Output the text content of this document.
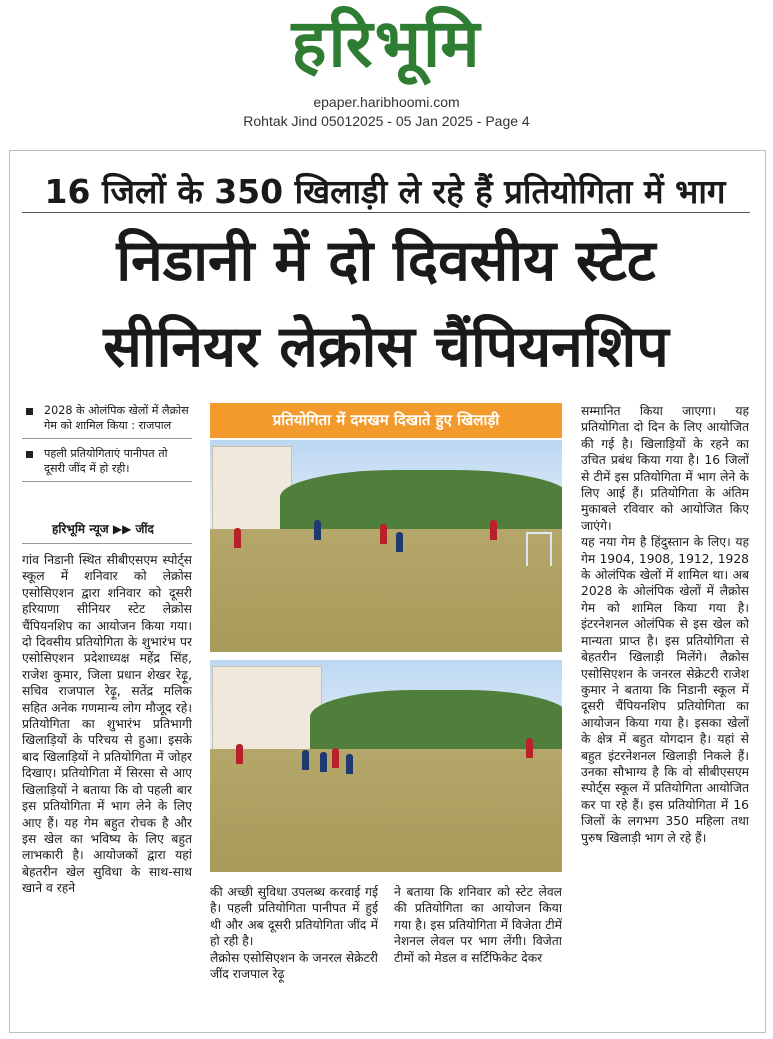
हरिभूमि
epaper.haribhoomi.com
Rohtak Jind 05012025 - 05 Jan 2025 - Page 4
16 जिलों के 350 खिलाड़ी ले रहे हैं प्रतियोगिता में भाग
निडानी में दो दिवसीय स्टेट
सीनियर लेक्रोस चैंपियनशिप
2028 के ओलंपिक खेलों में लैक्रोस गेम को शामिल किया : राजपाल
पहली प्रतियोगिताएं पानीपत तो दूसरी जींद में हो रही।
हरिभूमि न्यूज ▶▶ जींद
गांव निडानी स्थित सीबीएसएम स्पोर्ट्स स्कूल में शनिवार को लेक्रोस एसोसिएशन द्वारा शनिवार को दूसरी हरियाणा सीनियर स्टेट लेक्रोस चैंपियनशिप का आयोजन किया गया। दो दिवसीय प्रतियोगिता के शुभारंभ पर एसोसिएशन प्रदेशाध्यक्ष महेंद्र सिंह, राजेश कुमार, जिला प्रधान शेखर रेढ़ू, सचिव राजपाल रेढ़ू, सतेंद्र मलिक सहित अनेक गणमान्य लोग मौजूद रहे। प्रतियोगिता का शुभारंभ प्रतिभागी खिलाड़ियों के परिचय से हुआ। इसके बाद खिलाड़ियों ने प्रतियोगिता में जोहर दिखाए। प्रतियोगिता में सिरसा से आए खिलाड़ियों ने बताया कि वो पहली बार इस प्रतियोगिता में भाग लेने के लिए आए हैं। यह गेम बहुत रोचक है और इस खेल का भविष्य के लिए बहुत लाभकारी है। आयोजकों द्वारा यहां बेहतरीन खेल सुविधा के साथ-साथ खाने व रहने
प्रतियोगिता में दमखम दिखाते हुए खिलाड़ी
की अच्छी सुविधा उपलब्ध करवाई गई है। पहली प्रतियोगिता पानीपत में हुई थी और अब दूसरी प्रतियोगिता जींद में हो रही है।
लैक्रोस एसोसिएशन के जनरल सेक्रेटरी जींद राजपाल रेढ़ू
ने बताया कि शनिवार को स्टेट लेवल की प्रतियोगिता का आयोजन किया गया है। इस प्रतियोगिता में विजेता टीमें नेशनल लेवल पर भाग लेंगी। विजेता टीमों को मेडल व सर्टिफिकेट देकर
सम्मानित किया जाएगा। यह प्रतियोगिता दो दिन के लिए आयोजित की गई है। खिलाड़ियों के रहने का उचित प्रबंध किया गया है। 16 जिलों से टीमें इस प्रतियोगिता में भाग लेने के लिए आई हैं। प्रतियोगिता के अंतिम मुकाबले रविवार को आयोजित किए जाएंगे।
यह नया गेम है हिंदुस्तान के लिए। यह गेम 1904, 1908, 1912, 1928 के ओलंपिक खेलों में शामिल था। अब 2028 के ओलंपिक खेलों में लैक्रोस गेम को शामिल किया गया है। इंटरनेशनल ओलंपिक से इस खेल को मान्यता प्राप्त है। इस प्रतियोगिता से बेहतरीन खिलाड़ी मिलेंगे। लैक्रोस एसोसिएशन के जनरल सेक्रेटरी राजेश कुमार ने बताया कि निडानी स्कूल में दूसरी चैंपियनशिप प्रतियोगिता का आयोजन किया गया है। इसका खेलों के क्षेत्र में बहुत योगदान है। यहां से बहुत इंटरनेशनल खिलाड़ी निकले हैं। उनका सौभाग्य है कि वो सीबीएसएम स्पोर्ट्स स्कूल में प्रतियोगिता आयोजित कर पा रहे हैं। इस प्रतियोगिता में 16 जिलों के लगभग 350 महिला तथा पुरुष खिलाड़ी भाग ले रहे हैं।
